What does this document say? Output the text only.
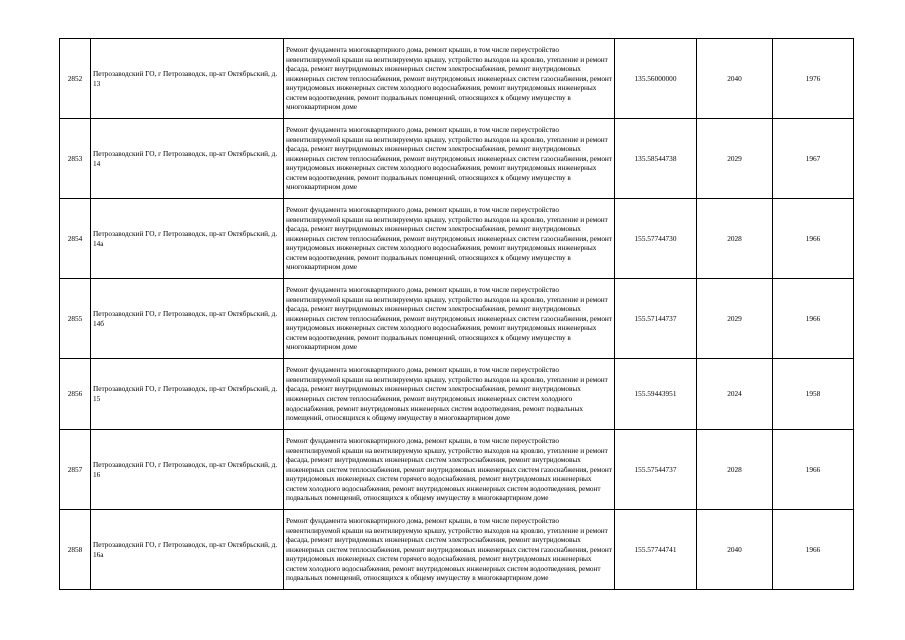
2852	Петрозаводский ГО, г Петрозаводск, пр-кт Октябрьский, д. 13	Ремонт фундамента многоквартирного дома, ремонт крыши, в том числе переустройство невентилируемой крыши на вентилируемую крышу, устройство выходов на кровлю, утепление и ремонт фасада, ремонт внутридомовых инженерных систем электроснабжения, ремонт внутридомовых инженерных систем теплоснабжения, ремонт внутридомовых инженерных систем газоснабжения, ремонт внутридомовых инженерных систем холодного водоснабжения, ремонт внутридомовых инженерных систем водоотведения, ремонт подвальных помещений, относящихся к общему имуществу в многоквартирном доме	135.56000000	2040	1976
2853	Петрозаводский ГО, г Петрозаводск, пр-кт Октябрьский, д. 14	Ремонт фундамента многоквартирного дома, ремонт крыши, в том числе переустройство невентилируемой крыши на вентилируемую крышу, устройство выходов на кровлю, утепление и ремонт фасада, ремонт внутридомовых инженерных систем электроснабжения, ремонт внутридомовых инженерных систем теплоснабжения, ремонт внутридомовых инженерных систем газоснабжения, ремонт внутридомовых инженерных систем холодного водоснабжения, ремонт внутридомовых инженерных систем водоотведения, ремонт подвальных помещений, относящихся к общему имуществу в многоквартирном доме	135.58544738	2029	1967
2854	Петрозаводский ГО, г Петрозаводск, пр-кт Октябрьский, д. 14а	Ремонт фундамента многоквартирного дома, ремонт крыши, в том числе переустройство невентилируемой крыши на вентилируемую крышу, устройство выходов на кровлю, утепление и ремонт фасада, ремонт внутридомовых инженерных систем электроснабжения, ремонт внутридомовых инженерных систем теплоснабжения, ремонт внутридомовых инженерных систем газоснабжения, ремонт внутридомовых инженерных систем холодного водоснабжения, ремонт внутридомовых инженерных систем водоотведения, ремонт подвальных помещений, относящихся к общему имуществу в многоквартирном доме	155.57744730	2028	1966
2855	Петрозаводский ГО, г Петрозаводск, пр-кт Октябрьский, д. 14б	Ремонт фундамента многоквартирного дома, ремонт крыши, в том числе переустройство невентилируемой крыши на вентилируемую крышу, устройство выходов на кровлю, утепление и ремонт фасада, ремонт внутридомовых инженерных систем электроснабжения, ремонт внутридомовых инженерных систем теплоснабжения, ремонт внутридомовых инженерных систем газоснабжения, ремонт внутридомовых инженерных систем холодного водоснабжения, ремонт внутридомовых инженерных систем водоотведения, ремонт подвальных помещений, относящихся к общему имуществу в многоквартирном доме	155.57144737	2029	1966
2856	Петрозаводский ГО, г Петрозаводск, пр-кт Октябрьский, д. 15	Ремонт фундамента многоквартирного дома, ремонт крыши, в том числе переустройство невентилируемой крыши на вентилируемую крышу, устройство выходов на кровлю, утепление и ремонт фасада, ремонт внутридомовых инженерных систем электроснабжения, ремонт внутридомовых инженерных систем теплоснабжения, ремонт внутридомовых инженерных систем холодного водоснабжения, ремонт внутридомовых инженерных систем водоотведения, ремонт подвальных помещений, относящихся к общему имуществу в многоквартирном доме	155.59443951	2024	1958
2857	Петрозаводский ГО, г Петрозаводск, пр-кт Октябрьский, д. 16	Ремонт фундамента многоквартирного дома, ремонт крыши, в том числе переустройство невентилируемой крыши на вентилируемую крышу, устройство выходов на кровлю, утепление и ремонт фасада, ремонт внутридомовых инженерных систем электроснабжения, ремонт внутридомовых инженерных систем теплоснабжения, ремонт внутридомовых инженерных систем газоснабжения, ремонт внутридомовых инженерных систем горячего водоснабжения, ремонт внутридомовых инженерных систем холодного водоснабжения, ремонт внутридомовых инженерных систем водоотведения, ремонт подвальных помещений, относящихся к общему имуществу в многоквартирном доме	155.57544737	2028	1966
2858	Петрозаводский ГО, г Петрозаводск, пр-кт Октябрьский, д. 16а	Ремонт фундамента многоквартирного дома, ремонт крыши, в том числе переустройство невентилируемой крыши на вентилируемую крышу, устройство выходов на кровлю, утепление и ремонт фасада, ремонт внутридомовых инженерных систем электроснабжения, ремонт внутридомовых инженерных систем теплоснабжения, ремонт внутридомовых инженерных систем газоснабжения, ремонт внутридомовых инженерных систем горячего водоснабжения, ремонт внутридомовых инженерных систем холодного водоснабжения, ремонт внутридомовых инженерных систем водоотведения, ремонт подвальных помещений, относящихся к общему имуществу в многоквартирном доме	155.57744741	2040	1966
